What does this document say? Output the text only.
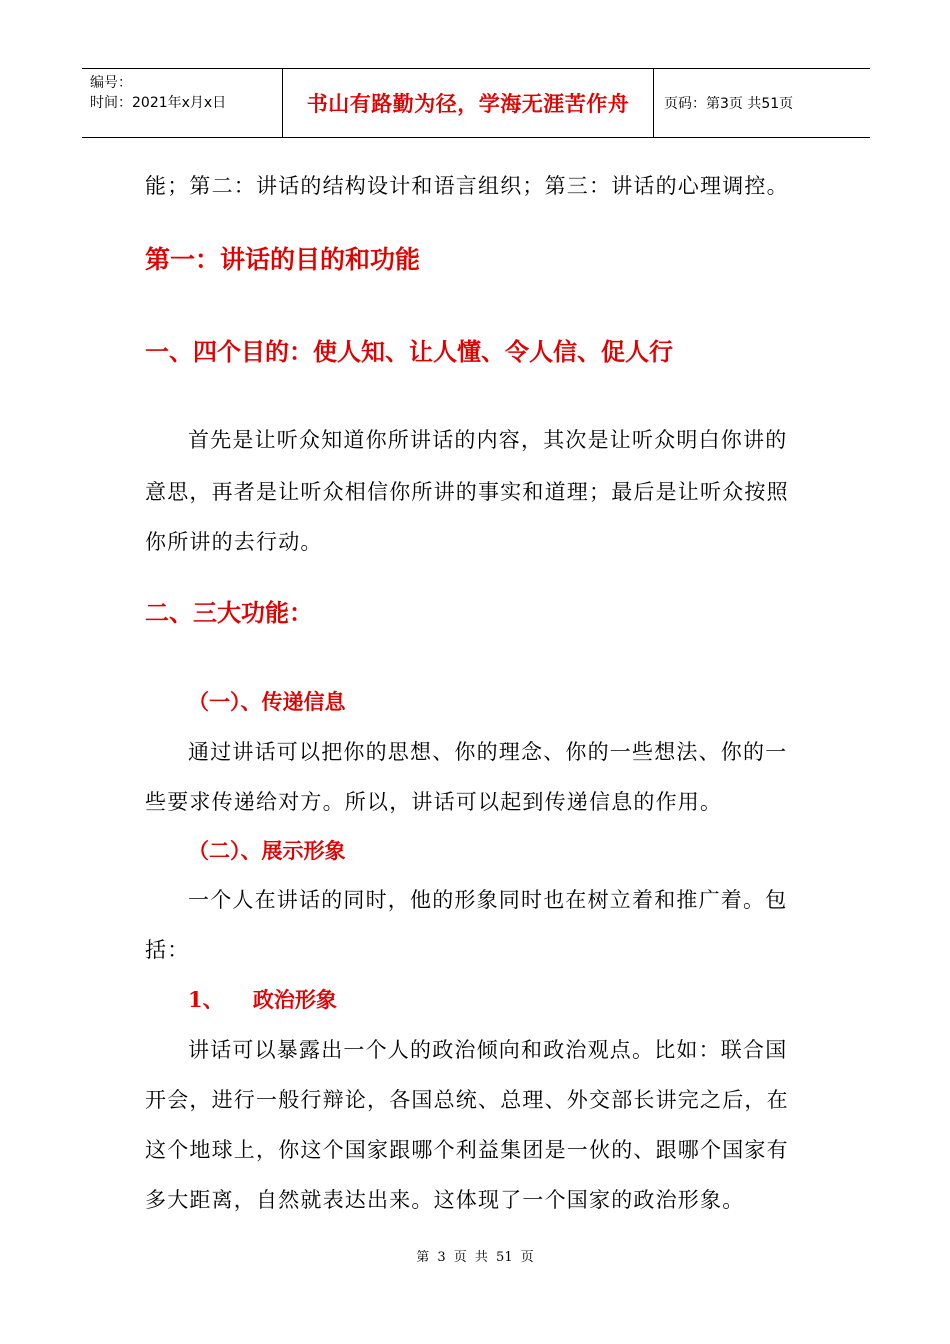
编号：
时间：2021年x月x日	书山有路勤为径，学海无涯苦作舟	页码：第3页 共51页
能；第二：讲话的结构设计和语言组织；第三：讲话的心理调控。
第一：讲话的目的和功能
一、四个目的：使人知、让人懂、令人信、促人行
首先是让听众知道你所讲话的内容，其次是让听众明白你讲的
意思，再者是让听众相信你所讲的事实和道理；最后是让听众按照
你所讲的去行动。
二、三大功能：
（一）、传递信息
通过讲话可以把你的思想、你的理念、你的一些想法、你的一
些要求传递给对方。所以，讲话可以起到传递信息的作用。
（二）、展示形象
一个人在讲话的同时，他的形象同时也在树立着和推广着。包
括：
1、    政治形象
讲话可以暴露出一个人的政治倾向和政治观点。比如：联合国
开会，进行一般行辩论，各国总统、总理、外交部长讲完之后，在
这个地球上，你这个国家跟哪个利益集团是一伙的、跟哪个国家有
多大距离，自然就表达出来。这体现了一个国家的政治形象。
第 3 页 共 51 页
